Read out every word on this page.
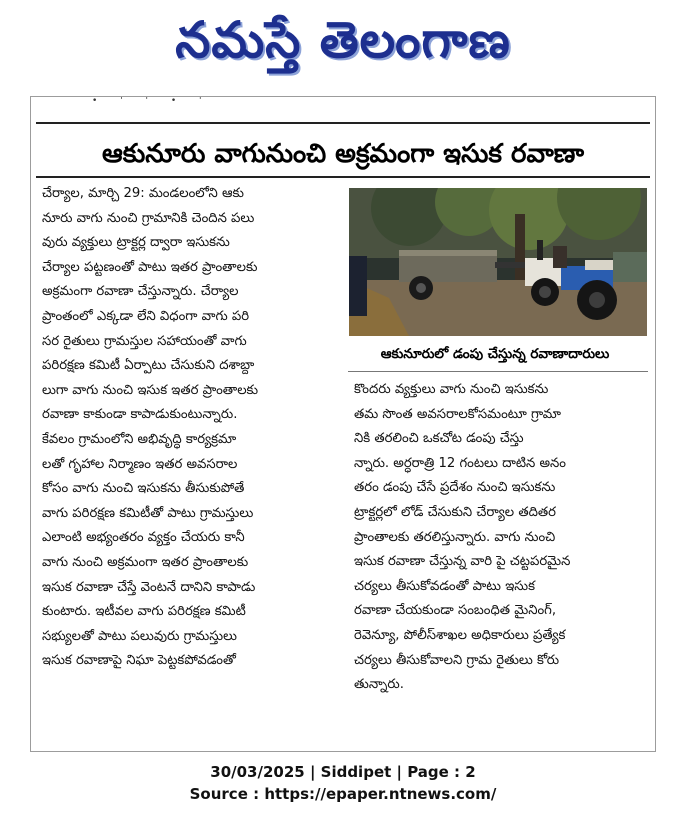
నమస్తే తెలంగాణ
• ' ' • '
ఆకునూరు వాగునుంచి అక్రమంగా ఇసుక రవాణా
చేర్యాల, మార్చి 29: మండలంలోని ఆకు
నూరు వాగు నుంచి గ్రామానికి చెందిన పలు
వురు వ్యక్తులు ట్రాక్టర్ల ద్వారా ఇసుకను
చేర్యాల పట్టణంతో పాటు ఇతర ప్రాంతాలకు
అక్రమంగా రవాణా చేస్తున్నారు. చేర్యాల
ప్రాంతంలో ఎక్కడా లేని విధంగా వాగు పరి
సర రైతులు గ్రామస్తుల సహాయంతో వాగు
పరిరక్షణ కమిటీ ఏర్పాటు చేసుకుని దశాబ్దా
లుగా వాగు నుంచి ఇసుక ఇతర ప్రాంతాలకు
రవాణా కాకుండా కాపాడుకుంటున్నారు.
కేవలం గ్రామంలోని అభివృద్ధి కార్యక్రమా
లతో గృహాల నిర్మాణం ఇతర అవసరాల
కోసం వాగు నుంచి ఇసుకను తీసుకుపోతే
వాగు పరిరక్షణ కమిటీతో పాటు గ్రామస్తులు
ఎలాంటి అభ్యంతరం వ్యక్తం చేయరు కానీ
వాగు నుంచి అక్రమంగా ఇతర ప్రాంతాలకు
ఇసుక రవాణా చేస్తే వెంటనే దానిని కాపాడు
కుంటారు. ఇటీవల వాగు పరిరక్షణ కమిటీ
సభ్యులతో పాటు పలువురు గ్రామస్తులు
ఇసుక రవాణాపై నిఘా పెట్టకపోవడంతో
ఆకునూరులో డంపు చేస్తున్న రవాణాదారులు
కొందరు వ్యక్తులు వాగు నుంచి ఇసుకను
తమ సొంత అవసరాలకోసమంటూ గ్రామా
నికి తరలించి ఒకచోట డంపు చేస్తు
న్నారు. అర్ధరాత్రి 12 గంటలు దాటిన అనం
తరం డంపు చేసే ప్రదేశం నుంచి ఇసుకను
ట్రాక్టర్లలో లోడ్ చేసుకుని చేర్యాల తదితర
ప్రాంతాలకు తరలిస్తున్నారు. వాగు నుంచి
ఇసుక రవాణా చేస్తున్న వారి పై చట్టపరమైన
చర్యలు తీసుకోవడంతో పాటు ఇసుక
రవాణా చేయకుండా సంబంధిత మైనింగ్,
రెవెన్యూ, పోలీస్‌శాఖల అధికారులు ప్రత్యేక
చర్యలు తీసుకోవాలని గ్రామ రైతులు కోరు
తున్నారు.
30/03/2025 | Siddipet | Page : 2
Source : https://epaper.ntnews.com/
